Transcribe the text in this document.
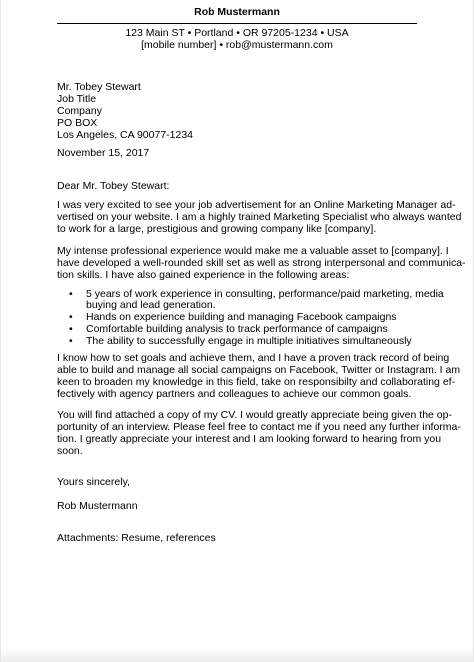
Rob Mustermann
123 Main ST • Portland • OR 97205-1234 • USA
[mobile number] • rob@mustermann.com
Mr. Tobey Stewart
Job Title
Company
PO BOX
Los Angeles, CA 90077-1234
November 15, 2017
Dear Mr. Tobey Stewart:
I was very excited to see your job advertisement for an Online Marketing Manager ad-
vertised on your website. I am a highly trained Marketing Specialist who always wanted
to work for a large, prestigious and growing company like [company].
My intense professional experience would make me a valuable asset to [company]. I
have developed a well-rounded skill set as well as strong interpersonal and communica-
tion skills. I have also gained experience in the following areas:
• 5 years of work experience in consulting, performance/paid marketing, media
buying and lead generation.
• Hands on experience building and managing Facebook campaigns
• Comfortable building analysis to track performance of campaigns
• The ability to successfully engage in multiple initiatives simultaneously
I know how to set goals and achieve them, and I have a proven track record of being
able to build and manage all social campaigns on Facebook, Twitter or Instagram. I am
keen to broaden my knowledge in this field, take on responsibilty and collaborating ef-
fectively with agency partners and colleagues to achieve our common goals.
You will find attached a copy of my CV. I would greatly appreciate being given the op-
portunity of an interview. Please feel free to contact me if you need any further informa-
tion. I greatly appreciate your interest and I am looking forward to hearing from you
soon.
Yours sincerely,
Rob Mustermann
Attachments: Resume, references
